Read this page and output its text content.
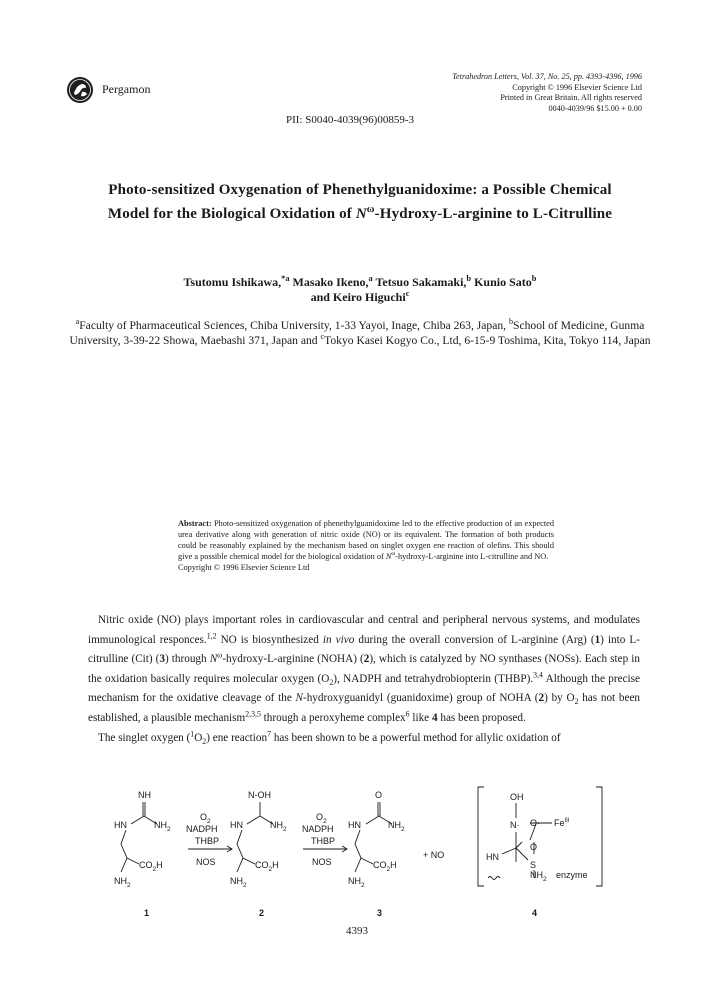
Pergamon
Tetrahedron Letters, Vol. 37, No. 25, pp. 4393-4396, 1996
Copyright © 1996 Elsevier Science Ltd
Printed in Great Britain. All rights reserved
0040-4039/96 $15.00 + 0.00
PII: S0040-4039(96)00859-3
Photo-sensitized Oxygenation of Phenethylguanidoxime: a Possible Chemical
Model for the Biological Oxidation of $N^\omega-Hydroxy-L$-arginine to L-Citrulline
Tsutomu Ishikawa,$^{*a}$ Masako Ikeno,$^a$ Tetsuo Sakamaki,$^b$ Kunio Sato$^b$
and Keiro Higuchi$^c$
$^a$Faculty of Pharmaceutical Sciences, Chiba University, 1-33 Yayoi, Inage, Chiba 263, Japan, $^b$School of Medicine, Gunma University, 3-39-22 Showa, Maebashi 371, Japan and $^c$Tokyo Kasei Kogyo Co., Ltd, 6-15-9 Toshima, Kita, Tokyo 114, Japan
Abstract: Photo-sensitized oxygenation of phenethylguanidoxime led to the effective production of an expected urea derivative along with generation of nitric oxide (NO) or its equivalent. The formation of both products could be reasonably explained by the mechanism based on singlet oxygen ene reaction of olefins. This should give a possible chemical model for the biological oxidation of $N^\omega-hydroxy-L$-arginine into L-citrulline and NO.
Copyright © 1996 Elsevier Science Ltd

Nitric oxide (NO) plays important roles in cardiovascular and central and peripheral nervous systems, and modulates immunological responces.$^{1,2}$ NO is biosynthesized in vivo during the overall conversion of L-arginine (Arg) (1) into L-citrulline (Cit) (3) through $N^\omega-hydroxy-L$-arginine (NOHA) (2), which is catalyzed by NO synthases (NOSs). Each step in the oxidation basically requires molecular oxygen $(O_2)$, NADPH and tetrahydrobiopterin (THBP).$^{3,4}$ Although the precise mechanism for the oxidative cleavage of the N-hydroxyguanidyl (guanidoxime) group of NOHA (2) by $O_2$ has not been established, a plausible mechanism$^{2,3,5}$ through a peroxyheme complex$^6$ like 4 has been proposed.

The singlet oxygen $(^1O_2)$ ene reaction$^7$ has been shown to be a powerful method for allylic oxidation of

NH
HN	$NH_2$
$CO_2H$
$NH_2$
1
$O_2$
NADPH
THBP
NOS
N-OH
HN	$NH_2$
$CO_2H$
$NH_2$
2
$O_2$
NADPH
THBP
NOS
O
HN	$NH_2$
$CO_2H$
$NH_2$
+ NO
3
OH
$N\cdot O\cdot Fe^{III}$
O
S
HN
$NH_2$ enzyme
4
4393
